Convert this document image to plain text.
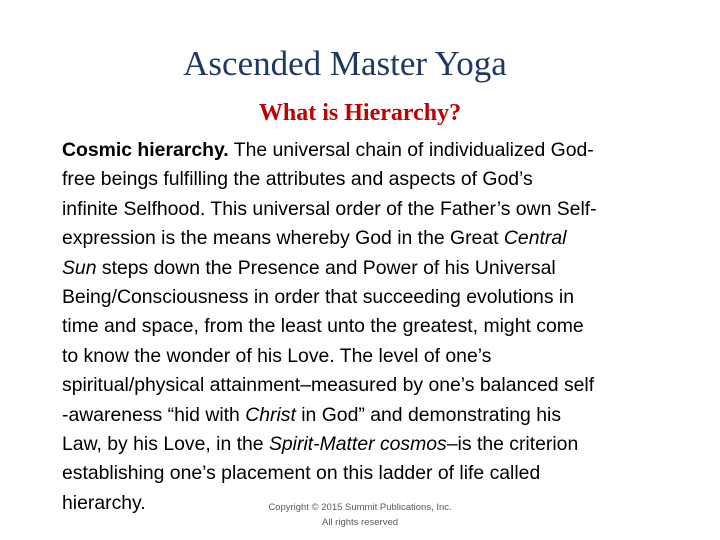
Ascended Master Yoga
What is Hierarchy?
Cosmic hierarchy. The universal chain of individualized God-
free beings fulfilling the attributes and aspects of God’s
infinite Selfhood. This universal order of the Father’s own Self-
expression is the means whereby God in the Great Central
Sun steps down the Presence and Power of his Universal
Being/Consciousness in order that succeeding evolutions in
time and space, from the least unto the greatest, might come
to know the wonder of his Love. The level of one’s
spiritual/physical attainment–measured by one’s balanced self
-awareness “hid with Christ in God” and demonstrating his
Law, by his Love, in the Spirit-Matter cosmos–is the criterion
establishing one’s placement on this ladder of life called
hierarchy.	Copyright © 2015 Summit Publications, Inc.
All rights reserved
